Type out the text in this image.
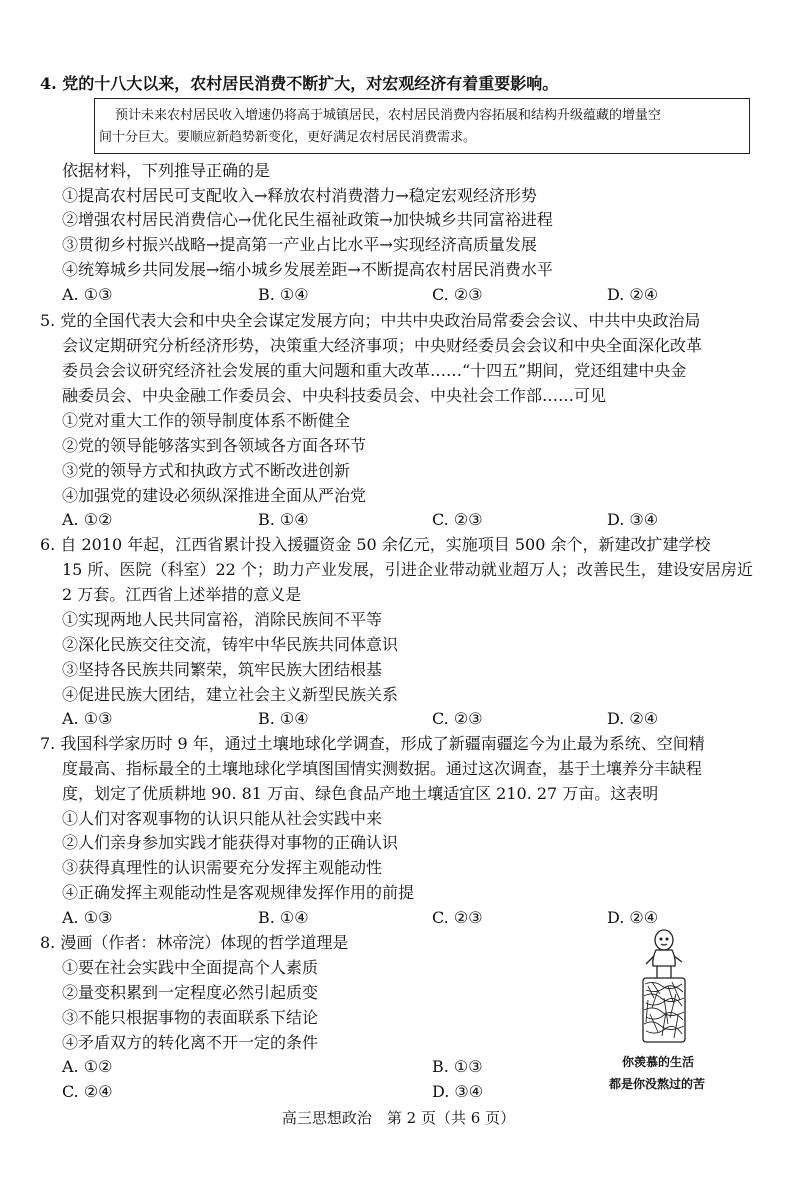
4. 党的十八大以来，农村居民消费不断扩大，对宏观经济有着重要影响。
预计未来农村居民收入增速仍将高于城镇居民，农村居民消费内容拓展和结构升级蕴藏的增量空
间十分巨大。要顺应新趋势新变化，更好满足农村居民消费需求。
依据材料，下列推导正确的是
①提高农村居民可支配收入→释放农村消费潜力→稳定宏观经济形势
②增强农村居民消费信心→优化民生福祉政策→加快城乡共同富裕进程
③贯彻乡村振兴战略→提高第一产业占比水平→实现经济高质量发展
④统筹城乡共同发展→缩小城乡发展差距→不断提高农村居民消费水平
A. ①③	B. ①④	C. ②③	D. ②④
5. 党的全国代表大会和中央全会谋定发展方向；中共中央政治局常委会会议、中共中央政治局
会议定期研究分析经济形势，决策重大经济事项；中央财经委员会会议和中央全面深化改革
委员会会议研究经济社会发展的重大问题和重大改革……“十四五”期间，党还组建中央金
融委员会、中央金融工作委员会、中央科技委员会、中央社会工作部……可见
①党对重大工作的领导制度体系不断健全
②党的领导能够落实到各领域各方面各环节
③党的领导方式和执政方式不断改进创新
④加强党的建设必须纵深推进全面从严治党
A. ①②	B. ①④	C. ②③	D. ③④
6. 自 2010 年起，江西省累计投入援疆资金 50 余亿元，实施项目 500 余个，新建改扩建学校
15 所、医院（科室）22 个；助力产业发展，引进企业带动就业超万人；改善民生，建设安居房近
2 万套。江西省上述举措的意义是
①实现两地人民共同富裕，消除民族间不平等
②深化民族交往交流，铸牢中华民族共同体意识
③坚持各民族共同繁荣，筑牢民族大团结根基
④促进民族大团结，建立社会主义新型民族关系
A. ①③	B. ①④	C. ②③	D. ②④
7. 我国科学家历时 9 年，通过土壤地球化学调查，形成了新疆南疆迄今为止最为系统、空间精
度最高、指标最全的土壤地球化学填图国情实测数据。通过这次调查，基于土壤养分丰缺程
度，划定了优质耕地 90. 81 万亩、绿色食品产地土壤适宜区 210. 27 万亩。这表明
①人们对客观事物的认识只能从社会实践中来
②人们亲身参加实践才能获得对事物的正确认识
③获得真理性的认识需要充分发挥主观能动性
④正确发挥主观能动性是客观规律发挥作用的前提
A. ①③	B. ①④	C. ②③	D. ②④
8. 漫画（作者：林帝浣）体现的哲学道理是
①要在社会实践中全面提高个人素质
②量变积累到一定程度必然引起质变
③不能只根据事物的表面联系下结论
④矛盾双方的转化离不开一定的条件
A. ①②	B. ①③
C. ②④	D. ③④
你羡慕的生活
都是你没熬过的苦
高三思想政治　第 2 页（共 6 页）
